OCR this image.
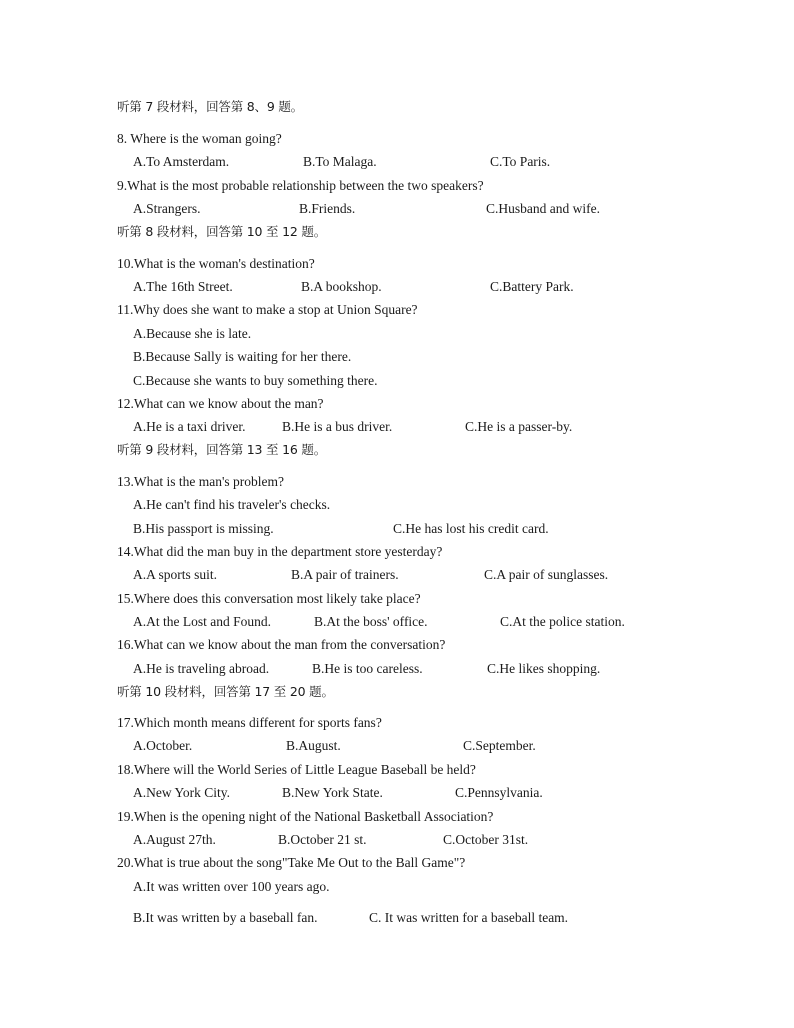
听第 7 段材料，回答第 8、9 题。
8. Where is the woman going?
A.To Amsterdam.	B.To Malaga.	C.To Paris.
9.What is the most probable relationship between the two speakers?
A.Strangers.	B.Friends.	C.Husband and wife.
听第 8 段材料，回答第 10 至 12 题。
10.What is the woman's destination?
A.The 16th Street.	B.A bookshop.	C.Battery Park.
11.Why does she want to make a stop at Union Square?
A.Because she is late.
B.Because Sally is waiting for her there.
C.Because she wants to buy something there.
12.What can we know about the man?
A.He is a taxi driver.	B.He is a bus driver.	C.He is a passer-by.
听第 9 段材料，回答第 13 至 16 题。
13.What is the man's problem?
A.He can't find his traveler's checks.
B.His passport is missing.	C.He has lost his credit card.
14.What did the man buy in the department store yesterday?
A.A sports suit.	B.A pair of trainers.	C.A pair of sunglasses.
15.Where does this conversation most likely take place?
A.At the Lost and Found.	B.At the boss' office.	C.At the police station.
16.What can we know about the man from the conversation?
A.He is traveling abroad.	B.He is too careless.	C.He likes shopping.
听第 10 段材料，回答第 17 至 20 题。
17.Which month means different for sports fans?
A.October.	B.August.	C.September.
18.Where will the World Series of Little League Baseball be held?
A.New York City.	B.New York State.	C.Pennsylvania.
19.When is the opening night of the National Basketball Association?
A.August 27th.	B.October 21 st.	C.October 31st.
20.What is true about the song"Take Me Out to the Ball Game"?
A.It was written over 100 years ago.
B.It was written by a baseball fan.	C. It was written for a baseball team.
